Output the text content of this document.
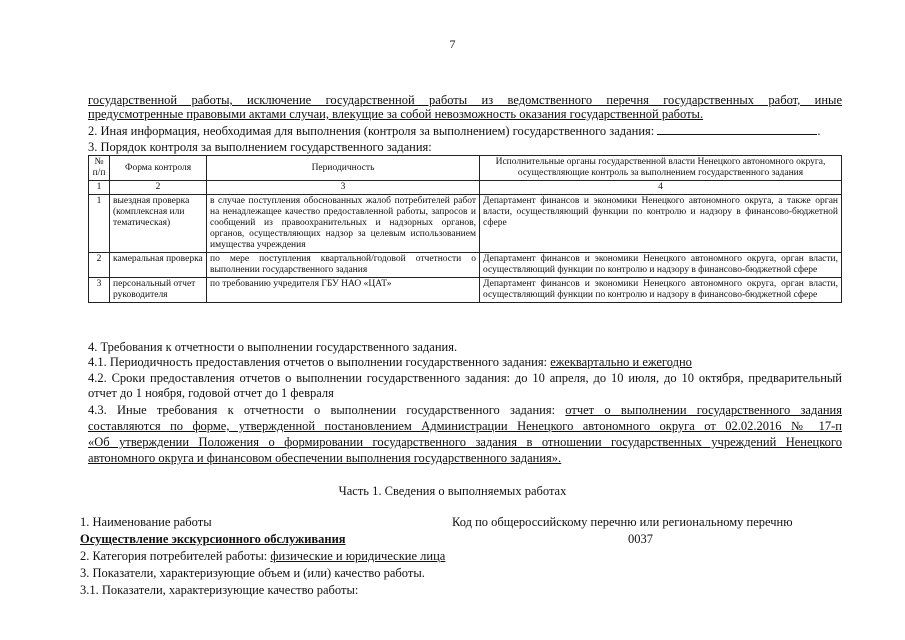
7
государственной работы, исключение государственной работы из ведомственного перечня государственных работ, иные
предусмотренные правовыми актами случаи, влекущие за собой невозможность оказания государственной работы.
2. Иная информация, необходимая для выполнения (контроля за выполнением) государственного задания:	.
3. Порядок контроля за выполнением государственного задания:
№ п/п	Форма контроля	Периодичность	Исполнительные органы государственной власти Ненецкого автономного округа, осуществляющие контроль за выполнением государственного задания
1	2	3	4
1	выездная проверка (комплексная или тематическая)	в случае поступления обоснованных жалоб потребителей работ на ненадлежащее качество предоставленной работы, запросов и сообщений из правоохранительных и надзорных органов, органов, осуществляющих надзор за целевым использованием имущества учреждения	Департамент финансов и экономики Ненецкого автономного округа, а также орган власти, осуществляющий функции по контролю и надзору в финансово-бюджетной сфере
2	камеральная проверка	по мере поступления квартальной/годовой отчетности о выполнении государственного задания	Департамент финансов и экономики Ненецкого автономного округа, орган власти, осуществляющий функции по контролю и надзору в финансово-бюджетной сфере
3	персональный отчет руководителя	по требованию учредителя ГБУ НАО «ЦАТ»	Департамент финансов и экономики Ненецкого автономного округа, орган власти, осуществляющий функции по контролю и надзору в финансово-бюджетной сфере
4. Требования к отчетности о выполнении государственного задания.
4.1. Периодичность предоставления отчетов о выполнении государственного задания: ежеквартально и ежегодно
4.2. Сроки предоставления отчетов о выполнении государственного задания: до 10 апреля, до 10 июля, до 10 октября, предварительный
отчет до 1 ноября, годовой отчет до 1 февраля
4.3. Иные требования к отчетности о выполнении государственного задания: отчет о выполнении государственного задания
составляются по форме, утвержденной постановлением Администрации Ненецкого автономного округа от 02.02.2016 № 17-п
«Об утверждении Положения о формировании государственного задания в отношении государственных учреждений Ненецкого
автономного округа и финансовом обеспечении выполнения государственного задания».
Часть 1. Сведения о выполняемых работах
1. Наименование работы	Код по общероссийскому перечню или региональному перечню
Осуществление экскурсионного обслуживания	0037
2. Категория потребителей работы: физические и юридические лица
3. Показатели, характеризующие объем и (или) качество работы.
3.1. Показатели, характеризующие качество работы:
